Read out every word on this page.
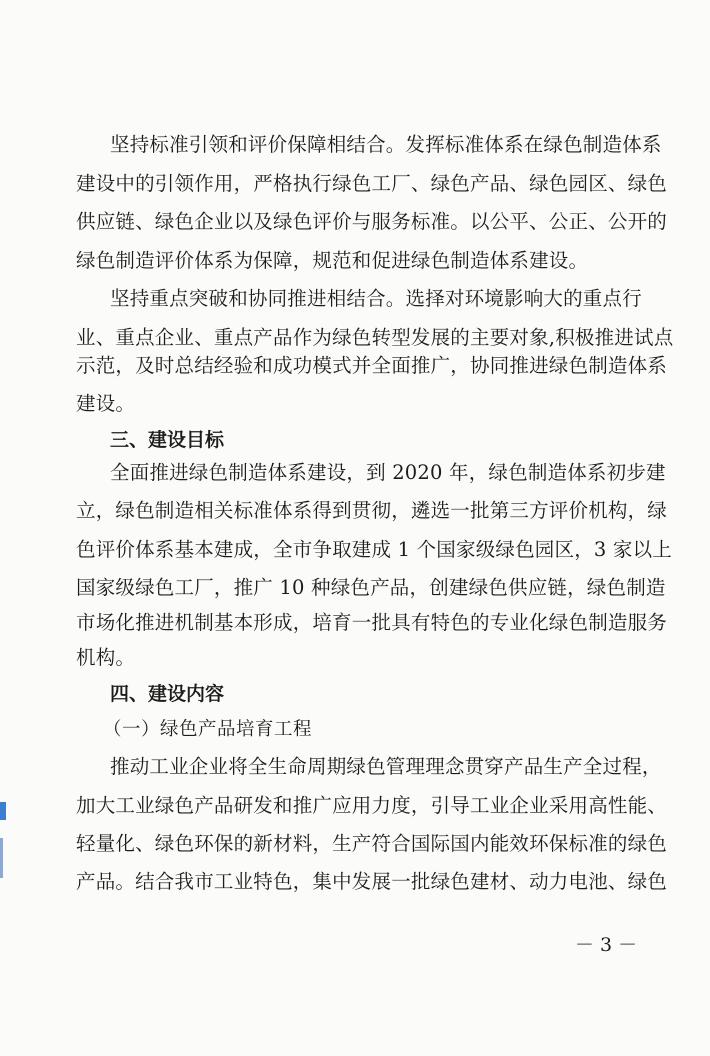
坚持标准引领和评价保障相结合。发挥标准体系在绿色制造体系
建设中的引领作用，严格执行绿色工厂、绿色产品、绿色园区、绿色
供应链、绿色企业以及绿色评价与服务标准。以公平、公正、公开的
绿色制造评价体系为保障，规范和促进绿色制造体系建设。
坚持重点突破和协同推进相结合。选择对环境影响大的重点行
业、重点企业、重点产品作为绿色转型发展的主要对象,积极推进试点
示范，及时总结经验和成功模式并全面推广，协同推进绿色制造体系
建设。
三、建设目标
全面推进绿色制造体系建设，到 2020 年，绿色制造体系初步建
立，绿色制造相关标准体系得到贯彻，遴选一批第三方评价机构，绿
色评价体系基本建成，全市争取建成 1 个国家级绿色园区，3 家以上
国家级绿色工厂，推广 10 种绿色产品，创建绿色供应链，绿色制造
市场化推进机制基本形成，培育一批具有特色的专业化绿色制造服务
机构。
四、建设内容
（一）绿色产品培育工程
推动工业企业将全生命周期绿色管理理念贯穿产品生产全过程，
加大工业绿色产品研发和推广应用力度，引导工业企业采用高性能、
轻量化、绿色环保的新材料，生产符合国际国内能效环保标准的绿色
产品。结合我市工业特色，集中发展一批绿色建材、动力电池、绿色
－ 3 －
